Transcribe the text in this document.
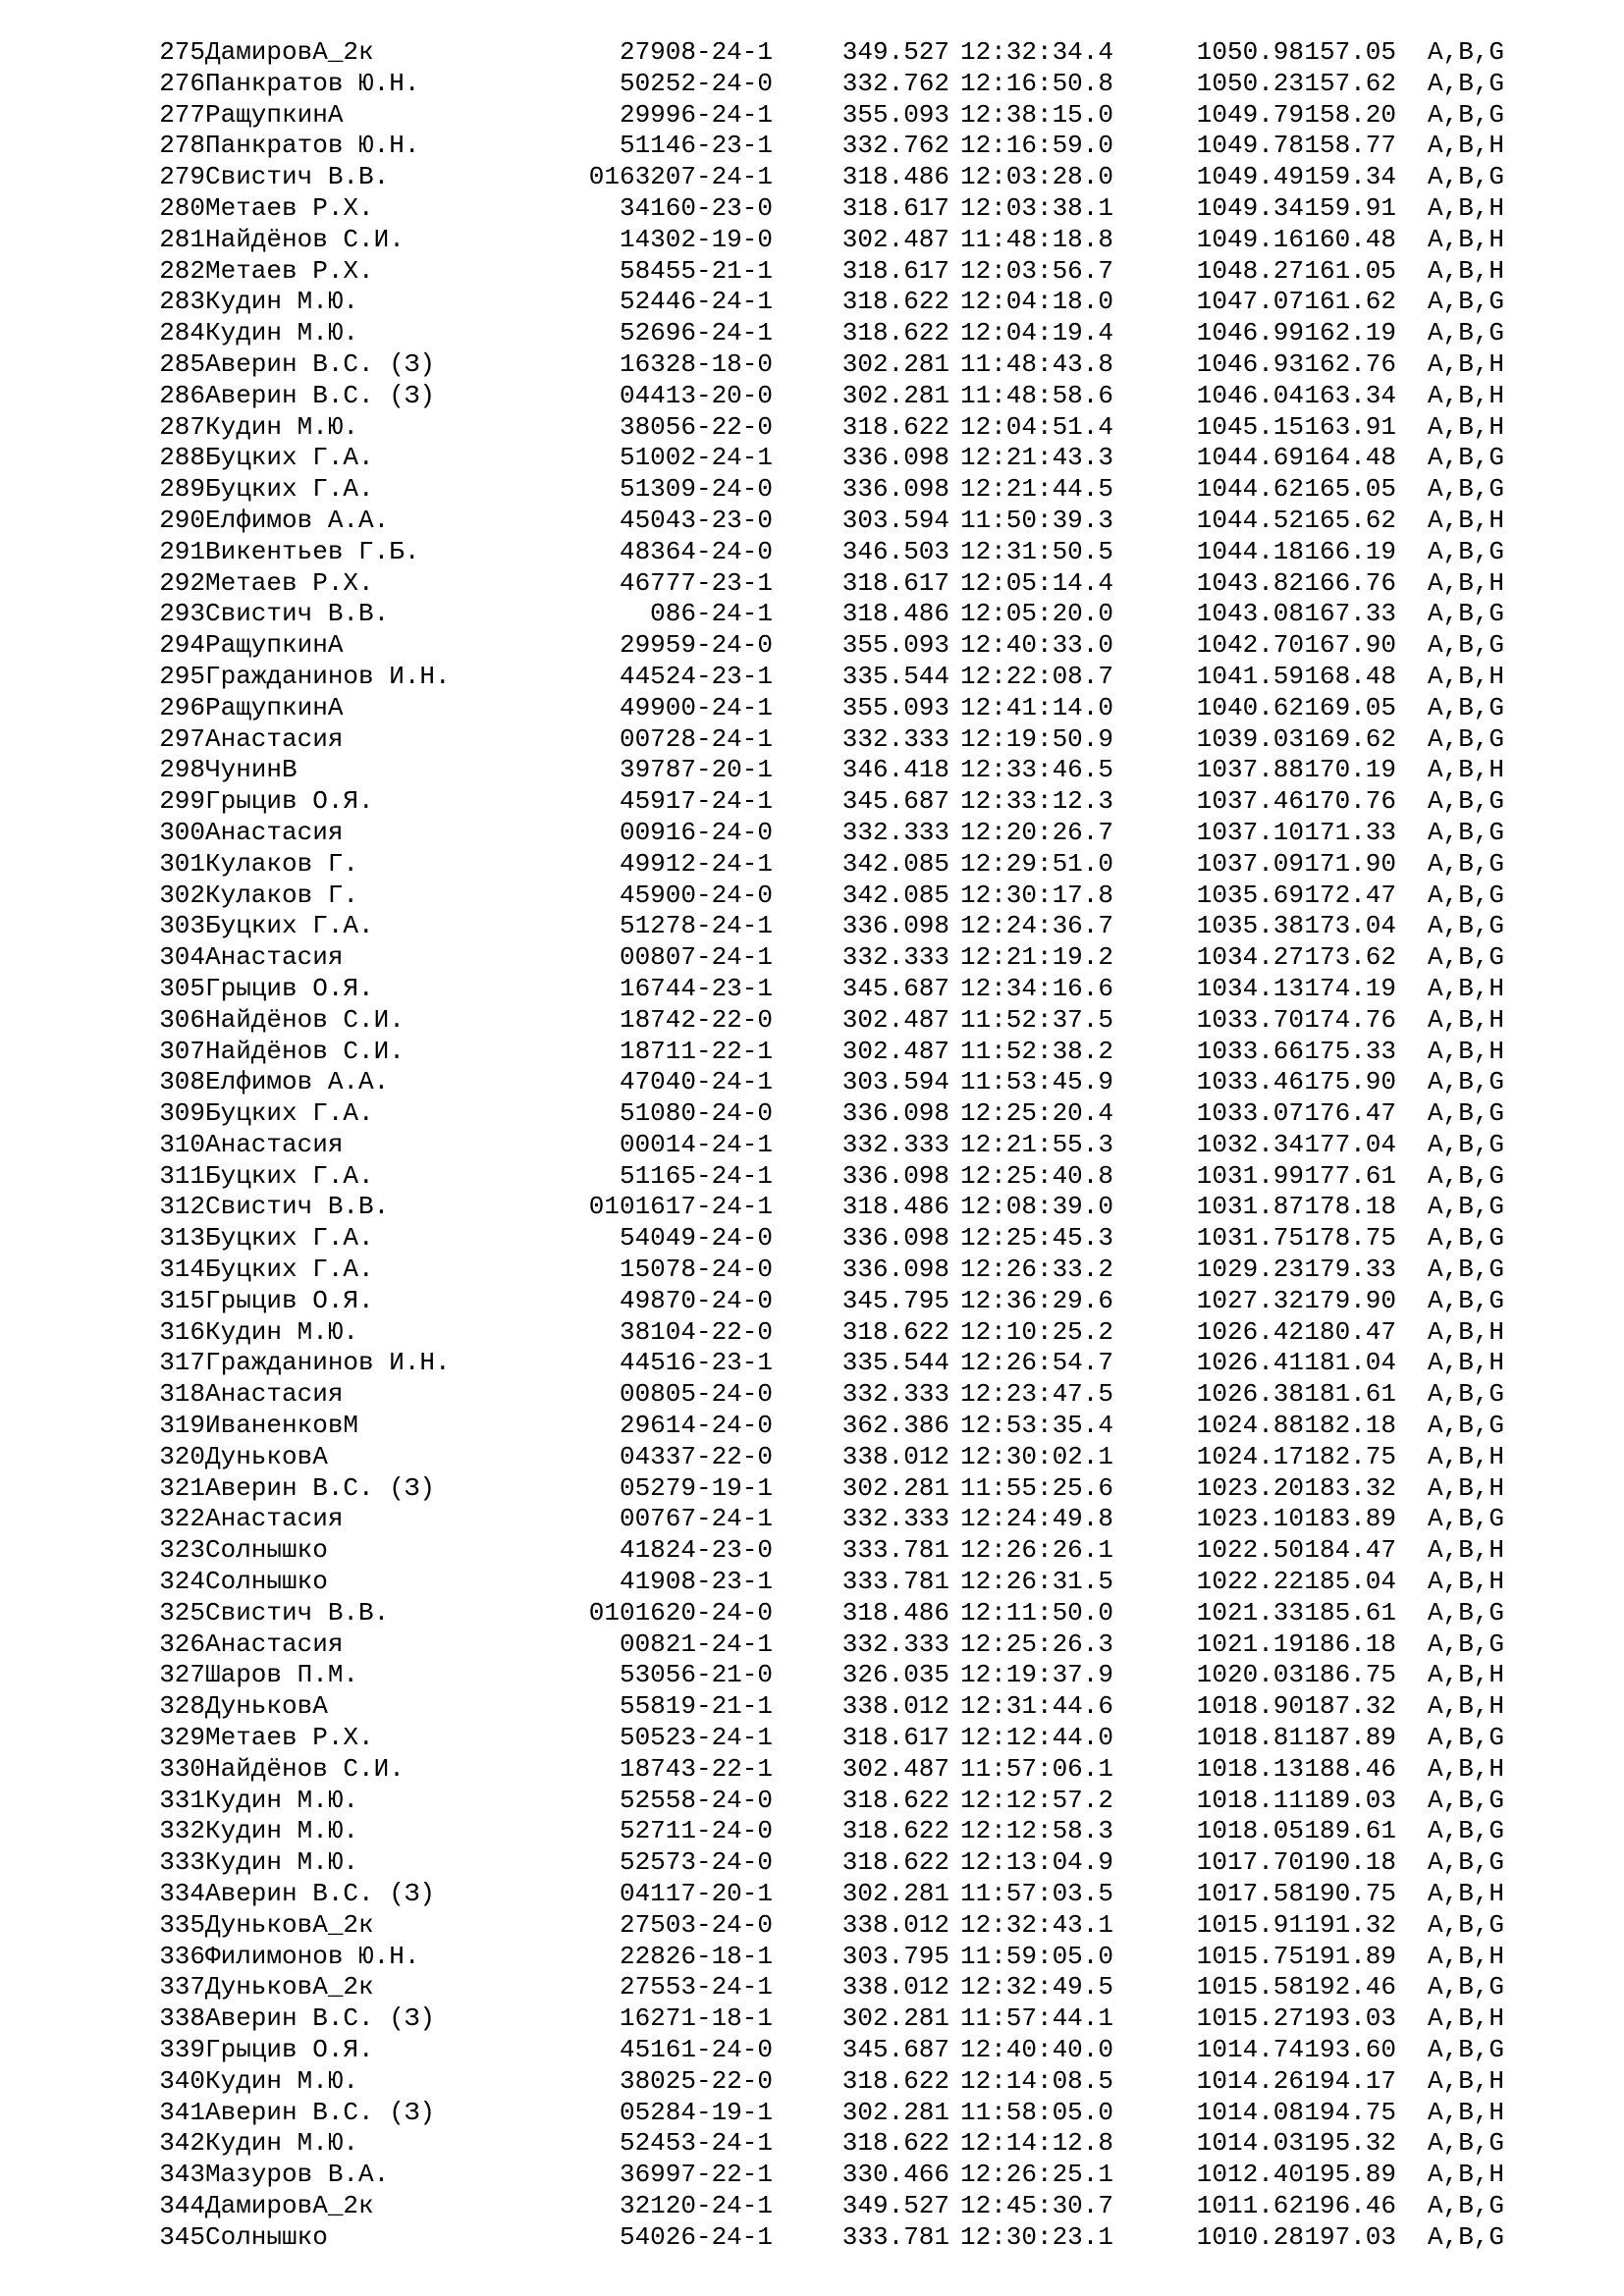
275ДамировА_2к	27908-24-1	349.527 12:32:34.4	1050.98157.05 A,B,G
276Панкратов Ю.Н.	50252-24-0	332.762 12:16:50.8	1050.23157.62 A,B,G
277РащупкинА	29996-24-1	355.093 12:38:15.0	1049.79158.20 A,B,G
278Панкратов Ю.Н.	51146-23-1	332.762 12:16:59.0	1049.78158.77 A,B,H
279Свистич В.В.	0163207-24-1	318.486 12:03:28.0	1049.49159.34 A,B,G
280Метаев Р.Х.	34160-23-0	318.617 12:03:38.1	1049.34159.91 A,B,H
281Найдёнов С.И.	14302-19-0	302.487 11:48:18.8	1049.16160.48 A,B,H
282Метаев Р.Х.	58455-21-1	318.617 12:03:56.7	1048.27161.05 A,B,H
283Кудин М.Ю.	52446-24-1	318.622 12:04:18.0	1047.07161.62 A,B,G
284Кудин М.Ю.	52696-24-1	318.622 12:04:19.4	1046.99162.19 A,B,G
285Аверин В.С. (З)	16328-18-0	302.281 11:48:43.8	1046.93162.76 A,B,H
286Аверин В.С. (З)	04413-20-0	302.281 11:48:58.6	1046.04163.34 A,B,H
287Кудин М.Ю.	38056-22-0	318.622 12:04:51.4	1045.15163.91 A,B,H
288Буцких Г.А.	51002-24-1	336.098 12:21:43.3	1044.69164.48 A,B,G
289Буцких Г.А.	51309-24-0	336.098 12:21:44.5	1044.62165.05 A,B,G
290Елфимов А.А.	45043-23-0	303.594 11:50:39.3	1044.52165.62 A,B,H
291Викентьев Г.Б.	48364-24-0	346.503 12:31:50.5	1044.18166.19 A,B,G
292Метаев Р.Х.	46777-23-1	318.617 12:05:14.4	1043.82166.76 A,B,H
293Свистич В.В.	086-24-1	318.486 12:05:20.0	1043.08167.33 A,B,G
294РащупкинА	29959-24-0	355.093 12:40:33.0	1042.70167.90 A,B,G
295Гражданинов И.Н.	44524-23-1	335.544 12:22:08.7	1041.59168.48 A,B,H
296РащупкинА	49900-24-1	355.093 12:41:14.0	1040.62169.05 A,B,G
297Анастасия	00728-24-1	332.333 12:19:50.9	1039.03169.62 A,B,G
298ЧунинВ	39787-20-1	346.418 12:33:46.5	1037.88170.19 A,B,H
299Грыцив О.Я.	45917-24-1	345.687 12:33:12.3	1037.46170.76 A,B,G
300Анастасия	00916-24-0	332.333 12:20:26.7	1037.10171.33 A,B,G
301Кулаков Г.	49912-24-1	342.085 12:29:51.0	1037.09171.90 A,B,G
302Кулаков Г.	45900-24-0	342.085 12:30:17.8	1035.69172.47 A,B,G
303Буцких Г.А.	51278-24-1	336.098 12:24:36.7	1035.38173.04 A,B,G
304Анастасия	00807-24-1	332.333 12:21:19.2	1034.27173.62 A,B,G
305Грыцив О.Я.	16744-23-1	345.687 12:34:16.6	1034.13174.19 A,B,H
306Найдёнов С.И.	18742-22-0	302.487 11:52:37.5	1033.70174.76 A,B,H
307Найдёнов С.И.	18711-22-1	302.487 11:52:38.2	1033.66175.33 A,B,H
308Елфимов А.А.	47040-24-1	303.594 11:53:45.9	1033.46175.90 A,B,G
309Буцких Г.А.	51080-24-0	336.098 12:25:20.4	1033.07176.47 A,B,G
310Анастасия	00014-24-1	332.333 12:21:55.3	1032.34177.04 A,B,G
311Буцких Г.А.	51165-24-1	336.098 12:25:40.8	1031.99177.61 A,B,G
312Свистич В.В.	0101617-24-1	318.486 12:08:39.0	1031.87178.18 A,B,G
313Буцких Г.А.	54049-24-0	336.098 12:25:45.3	1031.75178.75 A,B,G
314Буцких Г.А.	15078-24-0	336.098 12:26:33.2	1029.23179.33 A,B,G
315Грыцив О.Я.	49870-24-0	345.795 12:36:29.6	1027.32179.90 A,B,G
316Кудин М.Ю.	38104-22-0	318.622 12:10:25.2	1026.42180.47 A,B,H
317Гражданинов И.Н.	44516-23-1	335.544 12:26:54.7	1026.41181.04 A,B,H
318Анастасия	00805-24-0	332.333 12:23:47.5	1026.38181.61 A,B,G
319ИваненковМ	29614-24-0	362.386 12:53:35.4	1024.88182.18 A,B,G
320ДуньковА	04337-22-0	338.012 12:30:02.1	1024.17182.75 A,B,H
321Аверин В.С. (З)	05279-19-1	302.281 11:55:25.6	1023.20183.32 A,B,H
322Анастасия	00767-24-1	332.333 12:24:49.8	1023.10183.89 A,B,G
323Солнышко	41824-23-0	333.781 12:26:26.1	1022.50184.47 A,B,H
324Солнышко	41908-23-1	333.781 12:26:31.5	1022.22185.04 A,B,H
325Свистич В.В.	0101620-24-0	318.486 12:11:50.0	1021.33185.61 A,B,G
326Анастасия	00821-24-1	332.333 12:25:26.3	1021.19186.18 A,B,G
327Шаров П.М.	53056-21-0	326.035 12:19:37.9	1020.03186.75 A,B,H
328ДуньковА	55819-21-1	338.012 12:31:44.6	1018.90187.32 A,B,H
329Метаев Р.Х.	50523-24-1	318.617 12:12:44.0	1018.81187.89 A,B,G
330Найдёнов С.И.	18743-22-1	302.487 11:57:06.1	1018.13188.46 A,B,H
331Кудин М.Ю.	52558-24-0	318.622 12:12:57.2	1018.11189.03 A,B,G
332Кудин М.Ю.	52711-24-0	318.622 12:12:58.3	1018.05189.61 A,B,G
333Кудин М.Ю.	52573-24-0	318.622 12:13:04.9	1017.70190.18 A,B,G
334Аверин В.С. (З)	04117-20-1	302.281 11:57:03.5	1017.58190.75 A,B,H
335ДуньковА_2к	27503-24-0	338.012 12:32:43.1	1015.91191.32 A,B,G
336Филимонов Ю.Н.	22826-18-1	303.795 11:59:05.0	1015.75191.89 A,B,H
337ДуньковА_2к	27553-24-1	338.012 12:32:49.5	1015.58192.46 A,B,G
338Аверин В.С. (З)	16271-18-1	302.281 11:57:44.1	1015.27193.03 A,B,H
339Грыцив О.Я.	45161-24-0	345.687 12:40:40.0	1014.74193.60 A,B,G
340Кудин М.Ю.	38025-22-0	318.622 12:14:08.5	1014.26194.17 A,B,H
341Аверин В.С. (З)	05284-19-1	302.281 11:58:05.0	1014.08194.75 A,B,H
342Кудин М.Ю.	52453-24-1	318.622 12:14:12.8	1014.03195.32 A,B,G
343Мазуров В.А.	36997-22-1	330.466 12:26:25.1	1012.40195.89 A,B,H
344ДамировА_2к	32120-24-1	349.527 12:45:30.7	1011.62196.46 A,B,G
345Солнышко	54026-24-1	333.781 12:30:23.1	1010.28197.03 A,B,G
